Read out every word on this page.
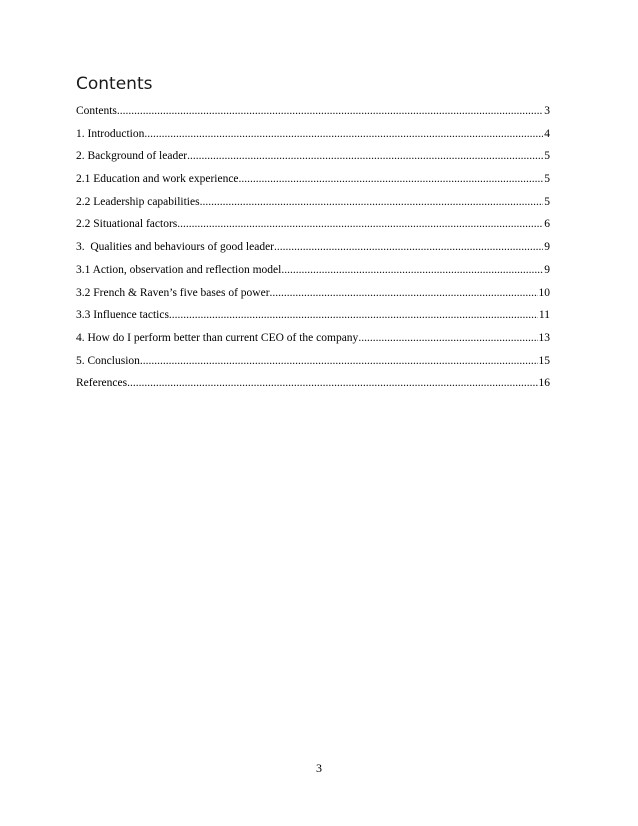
Contents
Contents .....	3
1. Introduction .....	4
2. Background of leader .....	5
2.1 Education and work experience .....	5
2.2 Leadership capabilities .....	5
2.2 Situational factors .....	6
3.  Qualities and behaviours of good leader .....	9
3.1 Action, observation and reflection model .....	9
3.2 French & Raven’s five bases of power .....	10
3.3 Influence tactics .....	11
4. How do I perform better than current CEO of the company .....	13
5. Conclusion .....	15
References .....	16
3
